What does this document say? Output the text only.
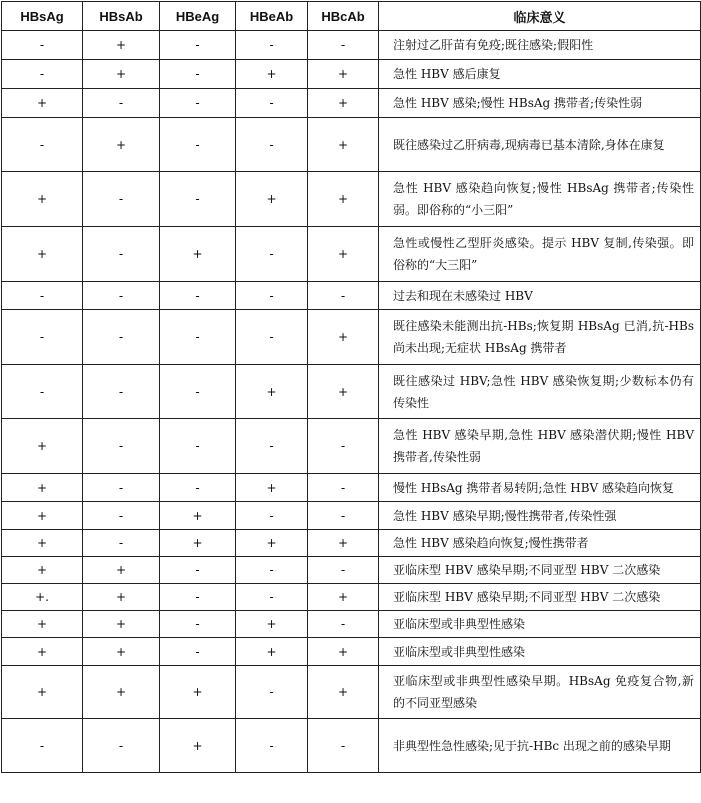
HBsAg	HBsAb	HBeAg	HBeAb	HBcAb	临床意义
-	+	-	-	-	注射过乙肝苗有免疫;既往感染;假阳性
-	+	-	+	+	急性 HBV 感后康复
+	-	-	-	+	急性 HBV 感染;慢性 HBsAg 携带者;传染性弱
-	+	-	-	+	既往感染过乙肝病毒,现病毒已基本清除,身体在康复
+	-	-	+	+	急性 HBV 感染趋向恢复;慢性 HBsAg 携带者;传染性弱。即俗称的“小三阳”
+	-	+	-	+	急性或慢性乙型肝炎感染。提示 HBV 复制,传染强。即俗称的“大三阳”
-	-	-	-	-	过去和现在未感染过 HBV
-	-	-	-	+	既往感染未能测出抗-HBs;恢复期 HBsAg 已消,抗-HBs 尚未出现;无症状 HBsAg 携带者
-	-	-	+	+	既往感染过 HBV;急性 HBV 感染恢复期;少数标本仍有传染性
+	-	-	-	-	急性 HBV 感染早期,急性 HBV 感染潜伏期;慢性 HBV 携带者,传染性弱
+	-	-	+	-	慢性 HBsAg 携带者易转阴;急性 HBV 感染趋向恢复
+	-	+	-	-	急性 HBV 感染早期;慢性携带者,传染性强
+	-	+	+	+	急性 HBV 感染趋向恢复;慢性携带者
+	+	-	-	-	亚临床型 HBV 感染早期;不同亚型 HBV 二次感染
+.	+	-	-	+	亚临床型 HBV 感染早期;不同亚型 HBV 二次感染
+	+	-	+	-	亚临床型或非典型性感染
+	+	-	+	+	亚临床型或非典型性感染
+	+	+	-	+	亚临床型或非典型性感染早期。HBsAg 免疫复合物,新的不同亚型感染
-	-	+	-	-	非典型性急性感染;见于抗-HBc 出现之前的感染早期
